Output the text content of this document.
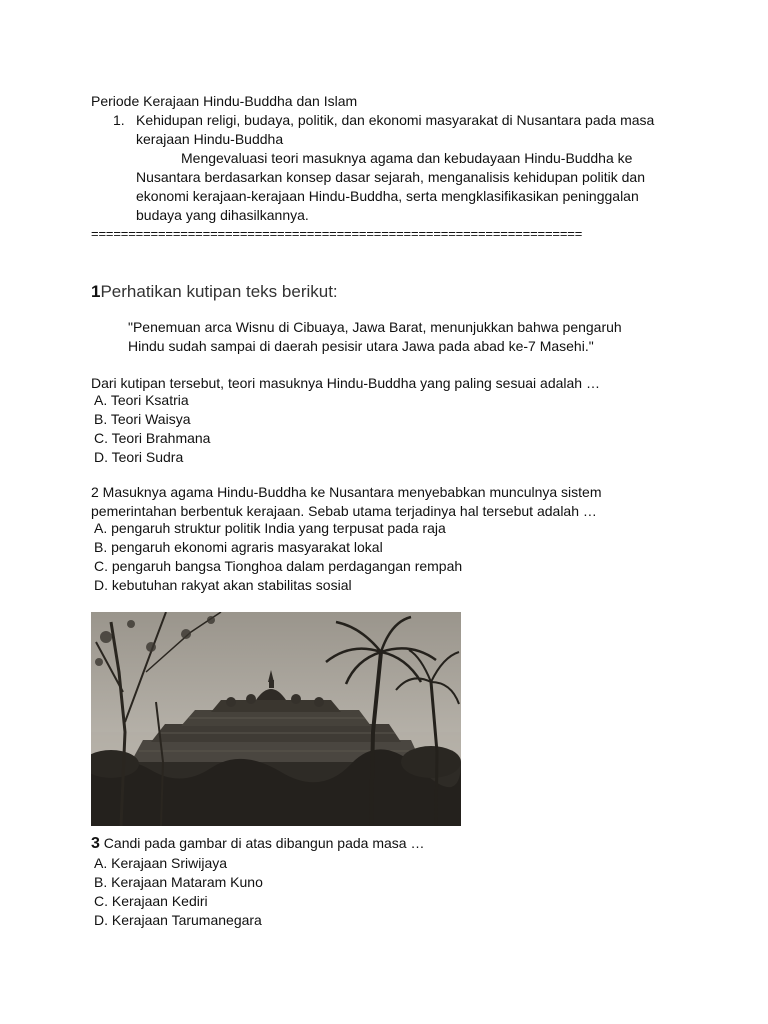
Periode Kerajaan Hindu-Buddha dan Islam
1. Kehidupan religi, budaya, politik, dan ekonomi masyarakat di Nusantara pada masa
kerajaan Hindu-Buddha
Mengevaluasi teori masuknya agama dan kebudayaan Hindu-Buddha ke
Nusantara berdasarkan konsep dasar sejarah, menganalisis kehidupan politik dan
ekonomi kerajaan-kerajaan Hindu-Buddha, serta mengklasifikasikan peninggalan
budaya yang dihasilkannya.
==================================================================
1Perhatikan kutipan teks berikut:
"Penemuan arca Wisnu di Cibuaya, Jawa Barat, menunjukkan bahwa pengaruh
Hindu sudah sampai di daerah pesisir utara Jawa pada abad ke-7 Masehi."
Dari kutipan tersebut, teori masuknya Hindu-Buddha yang paling sesuai adalah …
A. Teori Ksatria
B. Teori Waisya
C. Teori Brahmana
D. Teori Sudra
2 Masuknya agama Hindu-Buddha ke Nusantara menyebabkan munculnya sistem
pemerintahan berbentuk kerajaan. Sebab utama terjadinya hal tersebut adalah …
A. pengaruh struktur politik India yang terpusat pada raja
B. pengaruh ekonomi agraris masyarakat lokal
C. pengaruh bangsa Tionghoa dalam perdagangan rempah
D. kebutuhan rakyat akan stabilitas sosial
3 Candi pada gambar di atas dibangun pada masa …
A. Kerajaan Sriwijaya
B. Kerajaan Mataram Kuno
C. Kerajaan Kediri
D. Kerajaan Tarumanegara
